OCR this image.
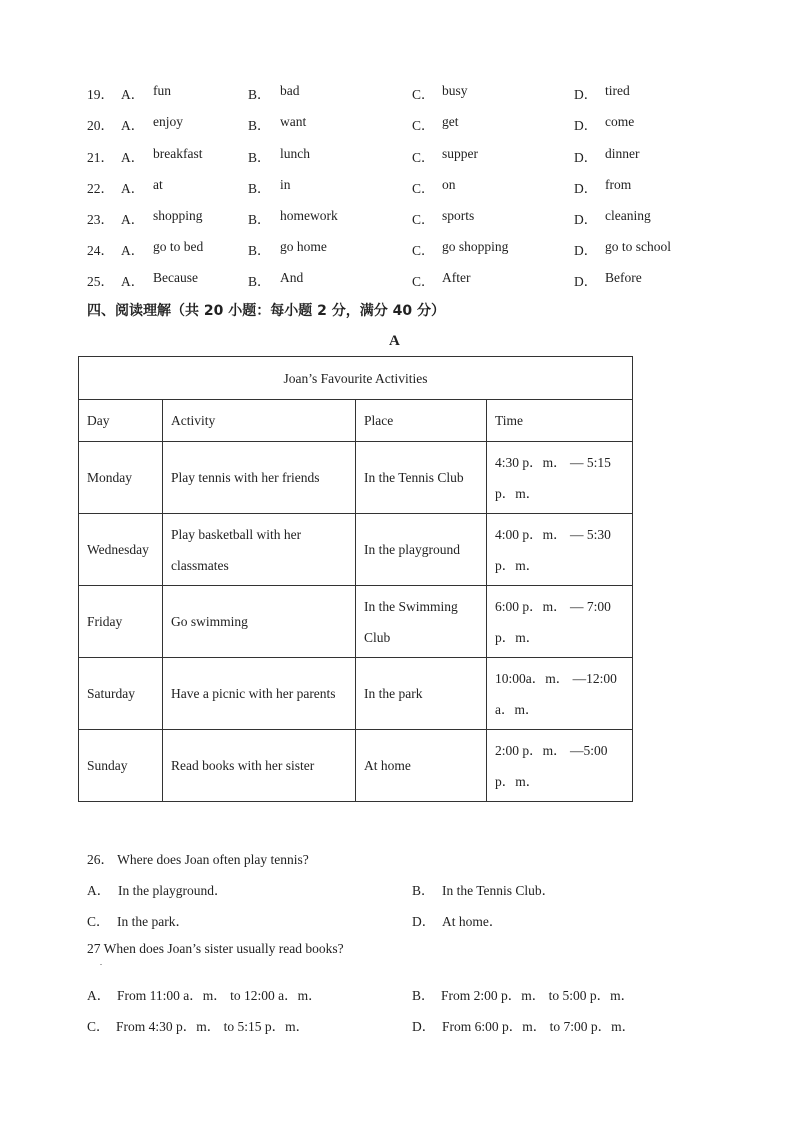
19． A． fun	B． bad	C． busy	D． tired
20． A． enjoy	B． want	C． get	D． come
21． A． breakfast	B． lunch	C． supper	D． dinner
22． A． at	B． in	C． on	D． from
23． A． shopping	B． homework	C． sports	D． cleaning
24． A． go to bed	B． go home	C． go shopping	D． go to school
25． A． Because	B． And	C． After	D． Before
四、阅读理解（共 20 小题：每小题 2 分，满分 40 分）
A
Joan’s Favourite Activities			
Day	Activity	Place	Time
Monday	Play tennis with her friends	In the Tennis Club	4:30 p．m． — 5:15 p．m．
Wednesday	Play basketball with her classmates	In the playground	4:00 p．m． — 5:30 p．m．
Friday	Go swimming	In the Swimming Club	6:00 p．m． — 7:00 p．m．
Saturday	Have a picnic with her parents	In the park	10:00a．m． —12:00 a．m．
Sunday	Read books with her sister	At home	2:00 p．m． —5:00 p．m．
26． Where does Joan often play tennis?
A． In the playground．	B． In the Tennis Club．
C． In the park．	D． At home．
27 When does Joan’s sister usually read books?
.
A． From 11:00 a．m． to 12:00 a．m．	B． From 2:00 p．m． to 5:00 p．m．
C． From 4:30 p．m． to 5:15 p．m．	D． From 6:00 p．m． to 7:00 p．m．
